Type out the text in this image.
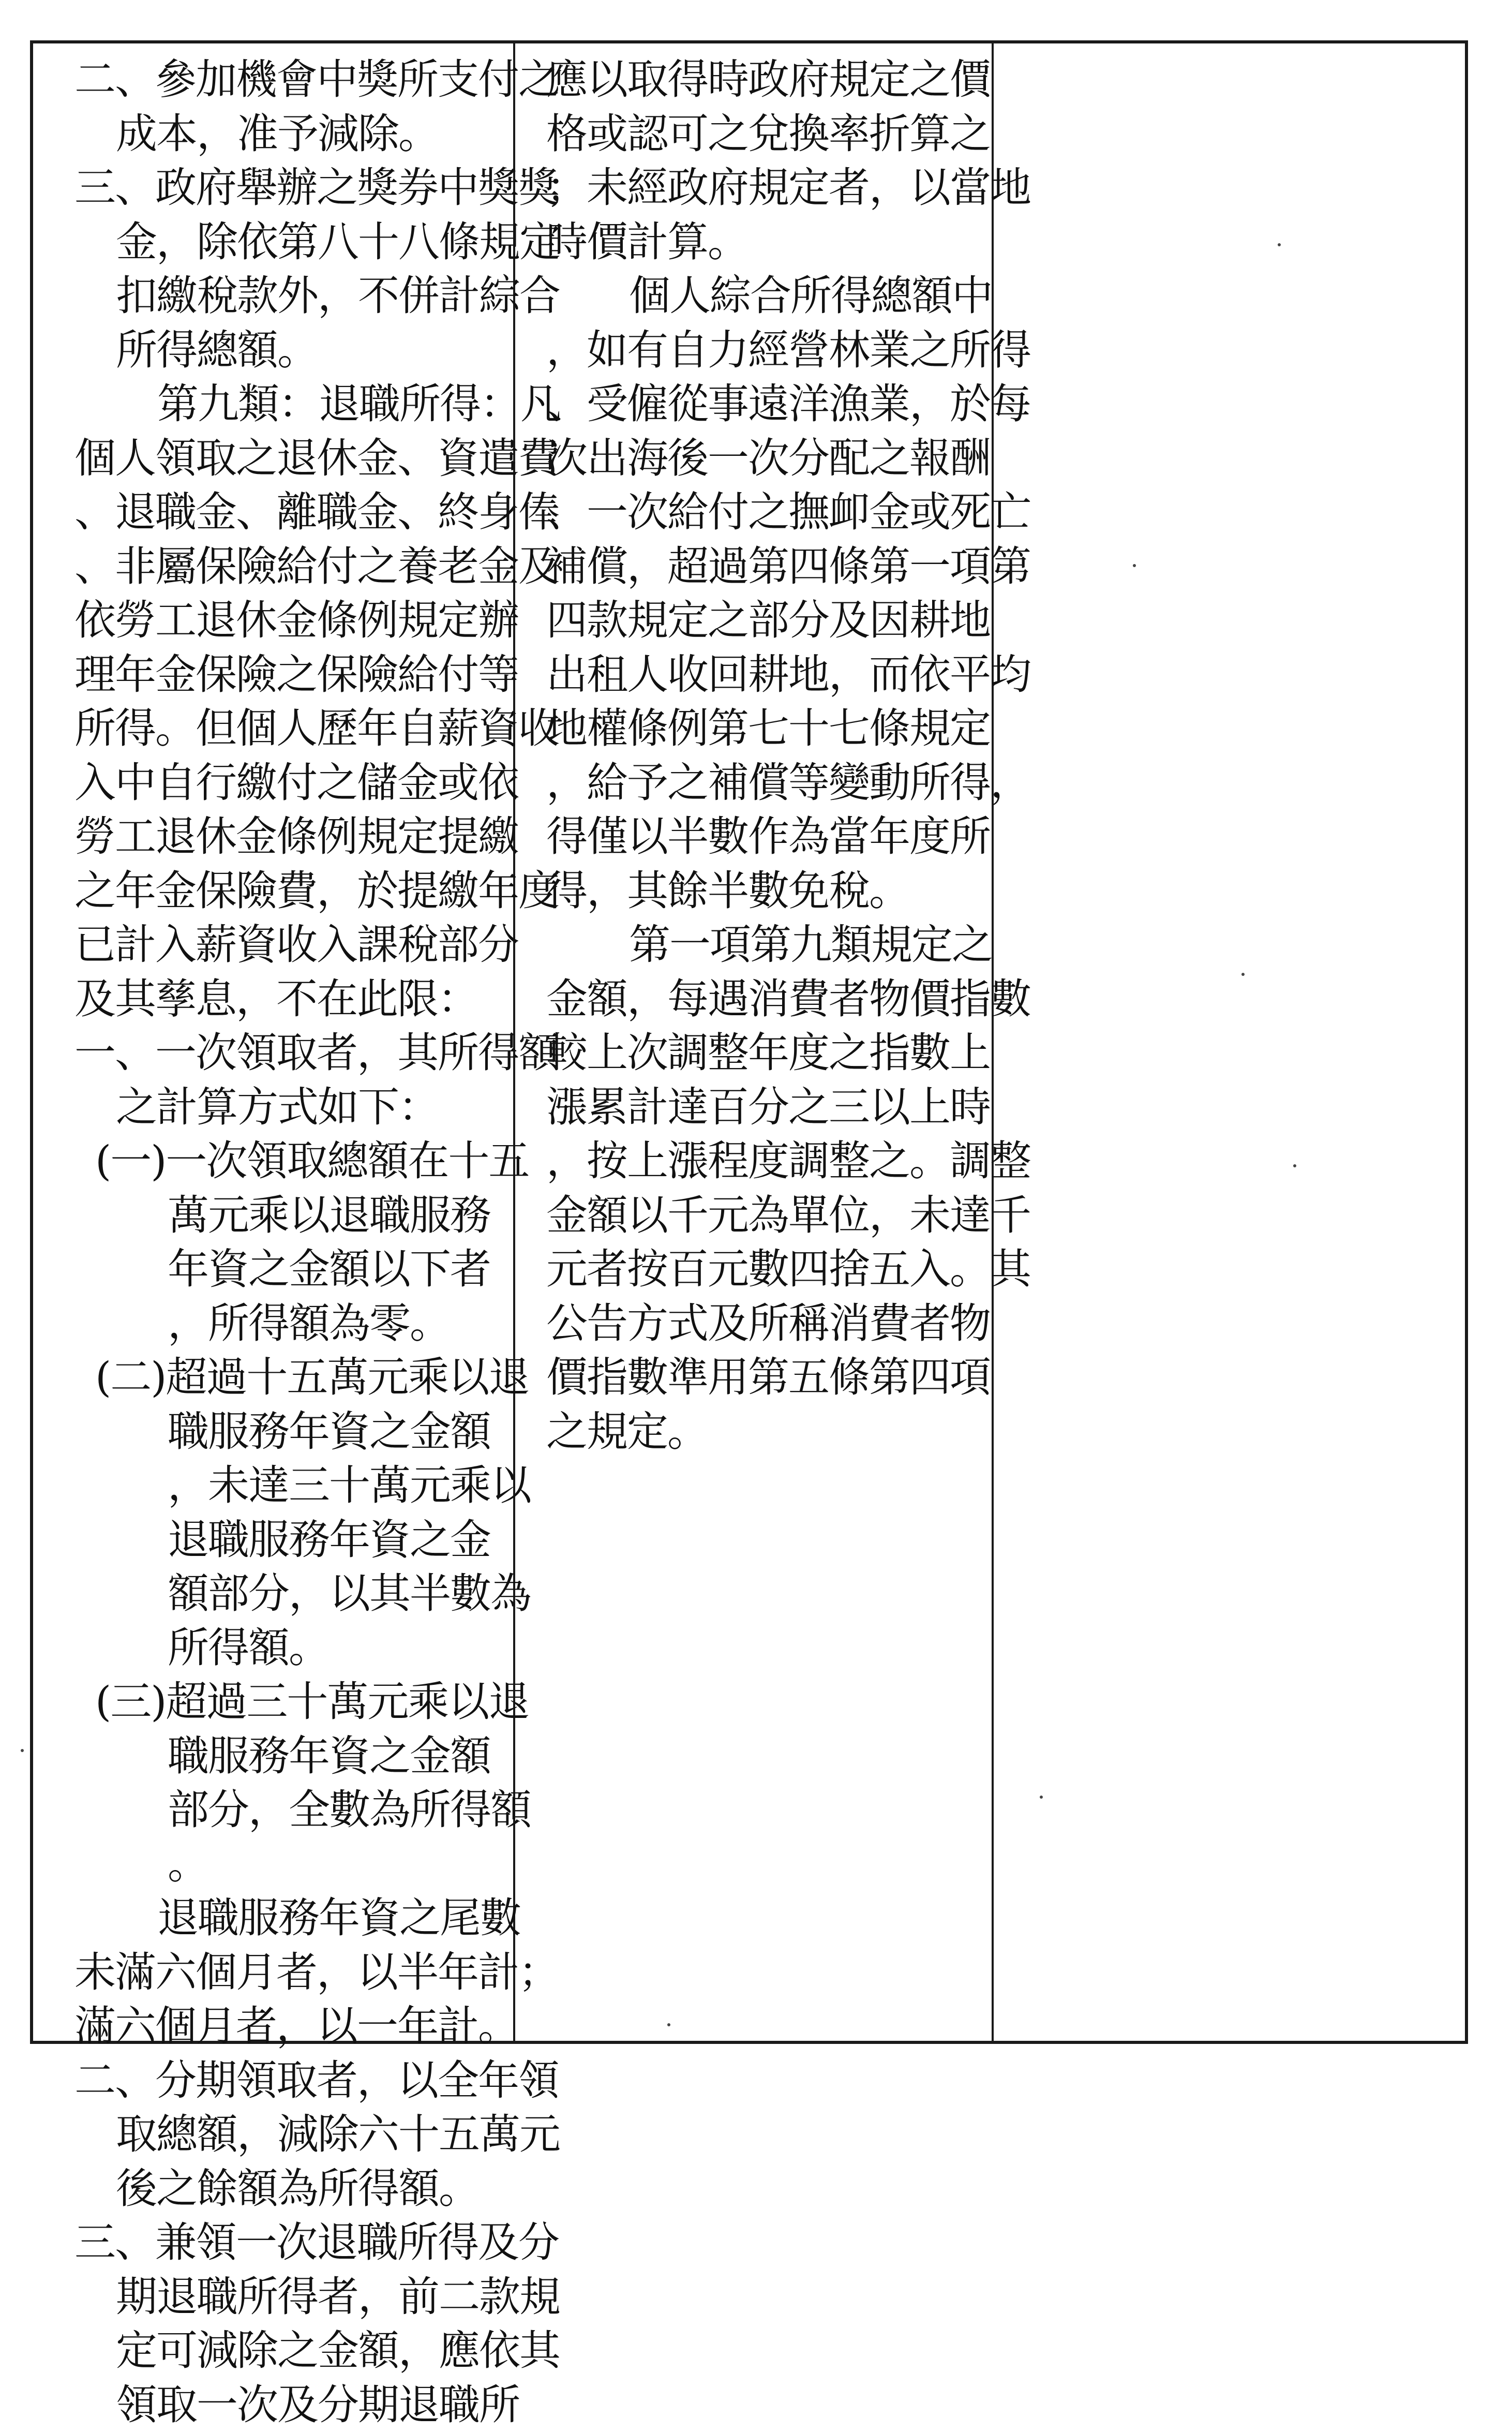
二、參加機會中獎所支付之
成本，准予減除。
三、政府舉辦之獎券中獎獎
金，除依第八十八條規定
扣繳稅款外，不併計綜合
所得總額。
第九類：退職所得：凡
個人領取之退休金、資遣費
、退職金、離職金、終身俸
、非屬保險給付之養老金及
依勞工退休金條例規定辦
理年金保險之保險給付等
所得。但個人歷年自薪資收
入中自行繳付之儲金或依
勞工退休金條例規定提繳
之年金保險費，於提繳年度
已計入薪資收入課稅部分
及其孳息，不在此限：
一、一次領取者，其所得額
之計算方式如下：
(一)一次領取總額在十五
萬元乘以退職服務
年資之金額以下者
，所得額為零。
(二)超過十五萬元乘以退
職服務年資之金額
，未達三十萬元乘以
退職服務年資之金
額部分，以其半數為
所得額。
(三)超過三十萬元乘以退
職服務年資之金額
部分，全數為所得額
。
退職服務年資之尾數
未滿六個月者，以半年計；
滿六個月者，以一年計。
二、分期領取者，以全年領
取總額，減除六十五萬元
後之餘額為所得額。
三、兼領一次退職所得及分
期退職所得者，前二款規
定可減除之金額，應依其
領取一次及分期退職所
應以取得時政府規定之價
格或認可之兌換率折算之
；未經政府規定者，以當地
時價計算。
個人綜合所得總額中
，如有自力經營林業之所得
、受僱從事遠洋漁業，於每
次出海後一次分配之報酬
、一次給付之撫卹金或死亡
補償，超過第四條第一項第
四款規定之部分及因耕地
出租人收回耕地，而依平均
地權條例第七十七條規定
，給予之補償等變動所得，
得僅以半數作為當年度所
得，其餘半數免稅。
第一項第九類規定之
金額，每遇消費者物價指數
較上次調整年度之指數上
漲累計達百分之三以上時
，按上漲程度調整之。調整
金額以千元為單位，未達千
元者按百元數四捨五入。其
公告方式及所稱消費者物
價指數準用第五條第四項
之規定。
